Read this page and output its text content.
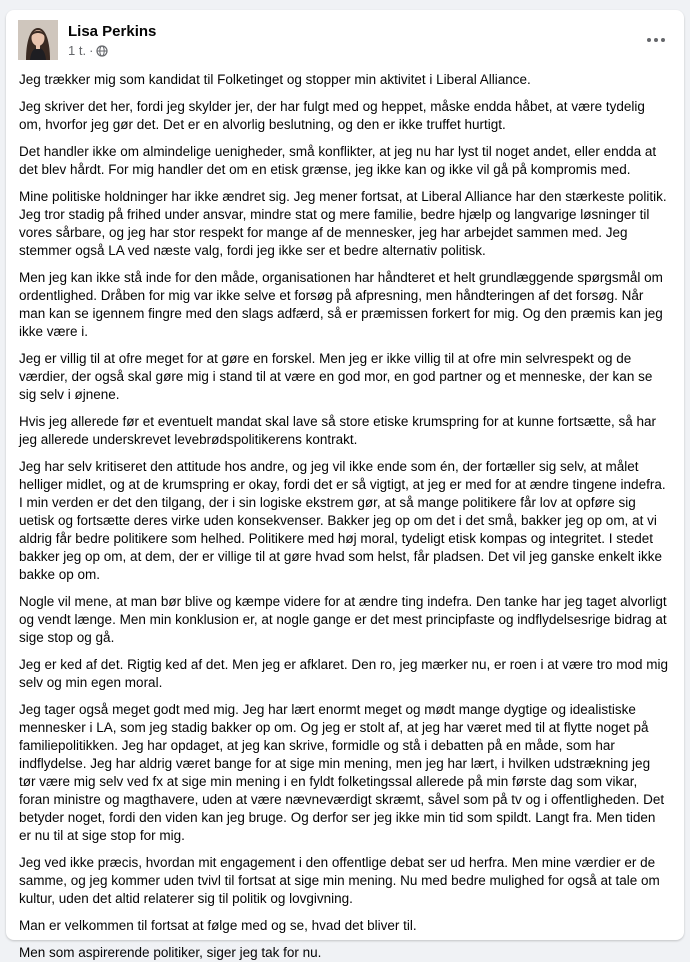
Lisa Perkins
1 t. ·

Jeg trækker mig som kandidat til Folketinget og stopper min aktivitet i Liberal Alliance.

Jeg skriver det her, fordi jeg skylder jer, der har fulgt med og heppet, måske endda håbet, at være tydelig om, hvorfor jeg gør det. Det er en alvorlig beslutning, og den er ikke truffet hurtigt.

Det handler ikke om almindelige uenigheder, små konflikter, at jeg nu har lyst til noget andet, eller endda at det blev hårdt. For mig handler det om en etisk grænse, jeg ikke kan og ikke vil gå på kompromis med.

Mine politiske holdninger har ikke ændret sig. Jeg mener fortsat, at Liberal Alliance har den stærkeste politik. Jeg tror stadig på frihed under ansvar, mindre stat og mere familie, bedre hjælp og langvarige løsninger til vores sårbare, og jeg har stor respekt for mange af de mennesker, jeg har arbejdet sammen med. Jeg stemmer også LA ved næste valg, fordi jeg ikke ser et bedre alternativ politisk.

Men jeg kan ikke stå inde for den måde, organisationen har håndteret et helt grundlæggende spørgsmål om ordentlighed. Dråben for mig var ikke selve et forsøg på afpresning, men håndteringen af det forsøg. Når man kan se igennem fingre med den slags adfærd, så er præmissen forkert for mig. Og den præmis kan jeg ikke være i.

Jeg er villig til at ofre meget for at gøre en forskel. Men jeg er ikke villig til at ofre min selvrespekt og de værdier, der også skal gøre mig i stand til at være en god mor, en god partner og et menneske, der kan se sig selv i øjnene.

Hvis jeg allerede før et eventuelt mandat skal lave så store etiske krumspring for at kunne fortsætte, så har jeg allerede underskrevet levebrødspolitikerens kontrakt.

Jeg har selv kritiseret den attitude hos andre, og jeg vil ikke ende som én, der fortæller sig selv, at målet helliger midlet, og at de krumspring er okay, fordi det er så vigtigt, at jeg er med for at ændre tingene indefra. I min verden er det den tilgang, der i sin logiske ekstrem gør, at så mange politikere får lov at opføre sig uetisk og fortsætte deres virke uden konsekvenser. Bakker jeg op om det i det små, bakker jeg op om, at vi aldrig får bedre politikere som helhed. Politikere med høj moral, tydeligt etisk kompas og integritet. I stedet bakker jeg op om, at dem, der er villige til at gøre hvad som helst, får pladsen. Det vil jeg ganske enkelt ikke bakke op om.

Nogle vil mene, at man bør blive og kæmpe videre for at ændre ting indefra. Den tanke har jeg taget alvorligt og vendt længe. Men min konklusion er, at nogle gange er det mest principfaste og indflydelsesrige bidrag at sige stop og gå.

Jeg er ked af det. Rigtig ked af det. Men jeg er afklaret. Den ro, jeg mærker nu, er roen i at være tro mod mig selv og min egen moral.

Jeg tager også meget godt med mig. Jeg har lært enormt meget og mødt mange dygtige og idealistiske mennesker i LA, som jeg stadig bakker op om. Og jeg er stolt af, at jeg har været med til at flytte noget på familiepolitikken. Jeg har opdaget, at jeg kan skrive, formidle og stå i debatten på en måde, som har indflydelse. Jeg har aldrig været bange for at sige min mening, men jeg har lært, i hvilken udstrækning jeg tør være mig selv ved fx at sige min mening i en fyldt folketingssal allerede på min første dag som vikar, foran ministre og magthavere, uden at være nævneværdigt skræmt, såvel som på tv og i offentligheden. Det betyder noget, fordi den viden kan jeg bruge. Og derfor ser jeg ikke min tid som spildt. Langt fra. Men tiden er nu til at sige stop for mig.

Jeg ved ikke præcis, hvordan mit engagement i den offentlige debat ser ud herfra. Men mine værdier er de samme, og jeg kommer uden tvivl til fortsat at sige min mening. Nu med bedre mulighed for også at tale om kultur, uden det altid relaterer sig til politik og lovgivning.

Man er velkommen til fortsat at følge med og se, hvad det bliver til.

Men som aspirerende politiker, siger jeg tak for nu.
